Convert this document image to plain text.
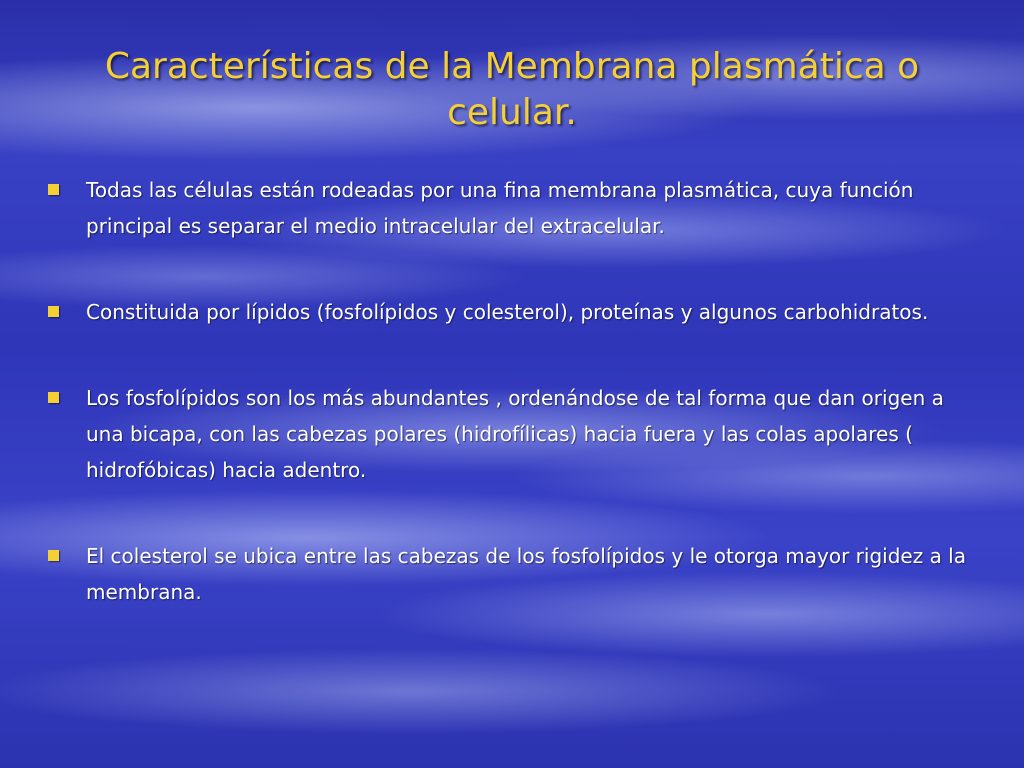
Características de la Membrana plasmática o celular.
Todas las células están rodeadas por una fina membrana plasmática, cuya función principal es separar el medio intracelular del extracelular.
Constituida por lípidos (fosfolípidos y colesterol), proteínas y algunos carbohidratos.
Los fosfolípidos son los más abundantes , ordenándose de tal forma que dan origen a una bicapa, con las cabezas polares (hidrofílicas) hacia fuera y las colas apolares ( hidrofóbicas) hacia adentro.
El colesterol se ubica entre las cabezas de los fosfolípidos y le otorga mayor rigidez a la membrana.
